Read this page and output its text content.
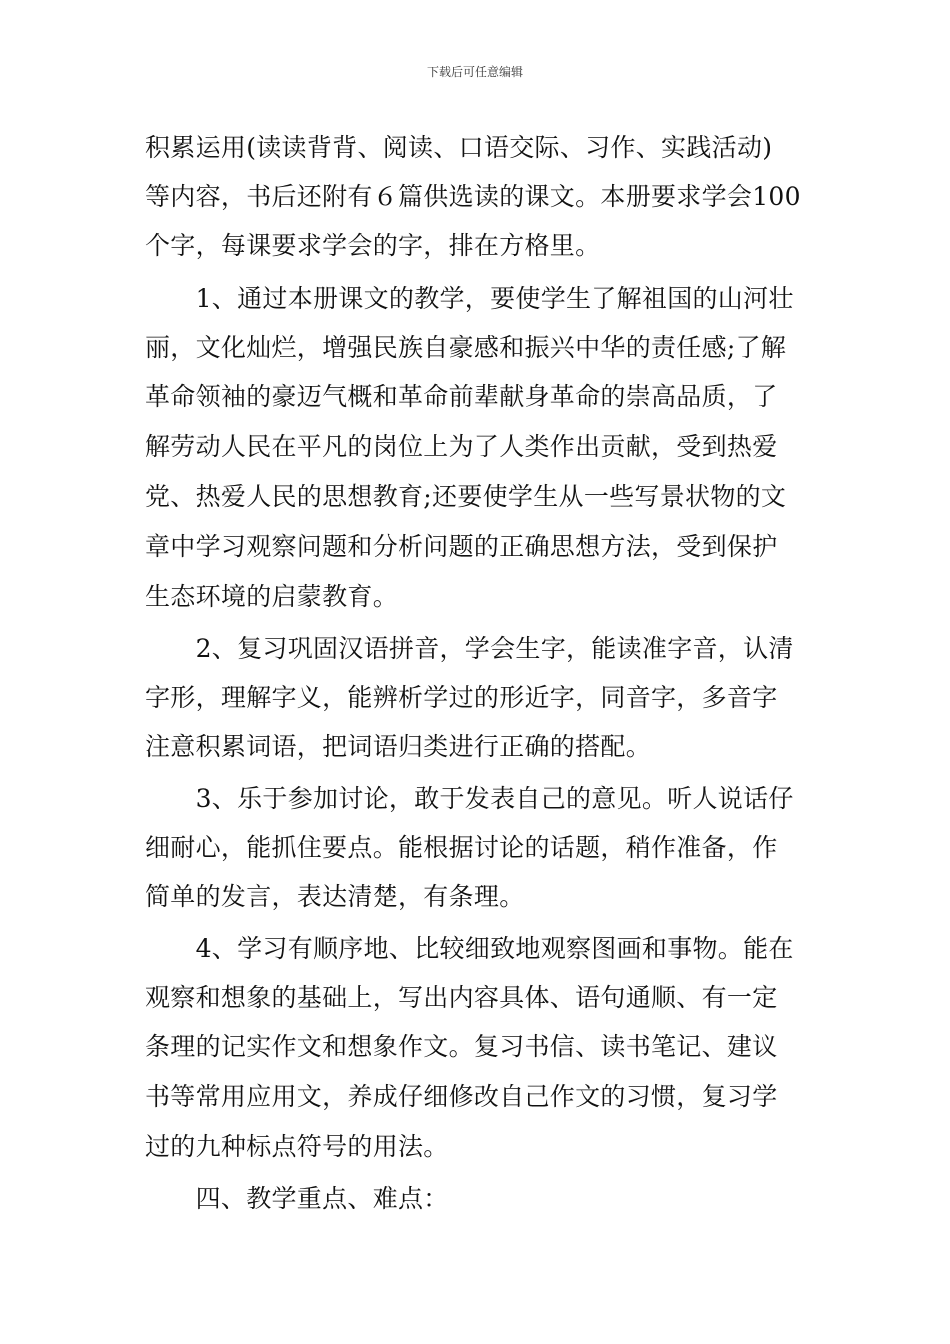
下载后可任意编辑
积累运用(读读背背、阅读、口语交际、习作、实践活动)
等内容，书后还附有６篇供选读的课文。本册要求学会100
个字，每课要求学会的字，排在方格里。
　　1、通过本册课文的教学，要使学生了解祖国的山河壮
丽，文化灿烂，增强民族自豪感和振兴中华的责任感;了解
革命领袖的豪迈气概和革命前辈献身革命的崇高品质，了
解劳动人民在平凡的岗位上为了人类作出贡献，受到热爱
党、热爱人民的思想教育;还要使学生从一些写景状物的文
章中学习观察问题和分析问题的正确思想方法，受到保护
生态环境的启蒙教育。
　　2、复习巩固汉语拼音，学会生字，能读准字音，认清
字形，理解字义，能辨析学过的形近字，同音字，多音字
注意积累词语，把词语归类进行正确的搭配。
　　3、乐于参加讨论，敢于发表自己的意见。听人说话仔
细耐心，能抓住要点。能根据讨论的话题，稍作准备，作
简单的发言，表达清楚，有条理。
　　4、学习有顺序地、比较细致地观察图画和事物。能在
观察和想象的基础上，写出内容具体、语句通顺、有一定
条理的记实作文和想象作文。复习书信、读书笔记、建议
书等常用应用文，养成仔细修改自己作文的习惯，复习学
过的九种标点符号的用法。
　　四、教学重点、难点：
